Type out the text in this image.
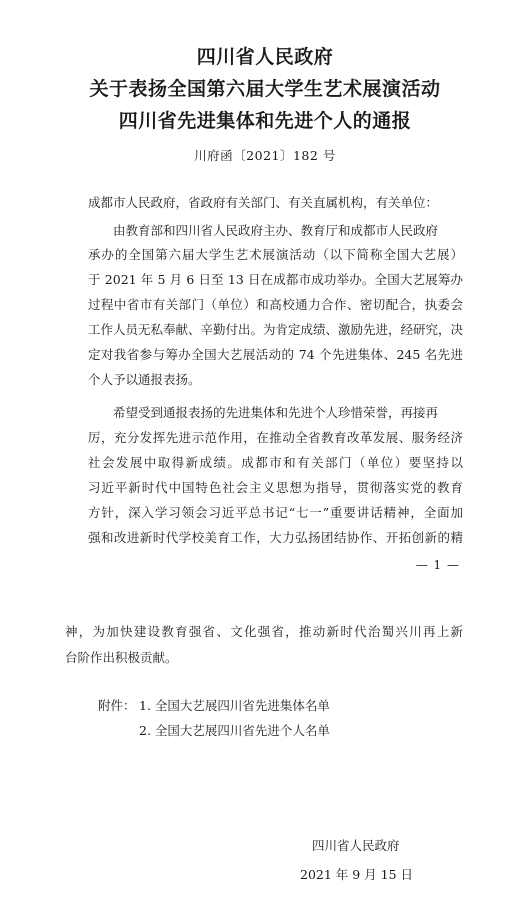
四川省人民政府
关于表扬全国第六届大学生艺术展演活动
四川省先进集体和先进个人的通报
川府函〔2021〕182 号
成都市人民政府，省政府有关部门、有关直属机构，有关单位：
由教育部和四川省人民政府主办、教育厅和成都市人民政府
承办的全国第六届大学生艺术展演活动（以下简称全国大艺展）
于 2021 年 5 月 6 日至 13 日在成都市成功举办。全国大艺展筹办
过程中省市有关部门（单位）和高校通力合作、密切配合，执委会
工作人员无私奉献、辛勤付出。为肯定成绩、激励先进，经研究，决
定对我省参与筹办全国大艺展活动的 74 个先进集体、245 名先进
个人予以通报表扬。
希望受到通报表扬的先进集体和先进个人珍惜荣誉，再接再
厉，充分发挥先进示范作用，在推动全省教育改革发展、服务经济
社会发展中取得新成绩。成都市和有关部门（单位）要坚持以
习近平新时代中国特色社会主义思想为指导，贯彻落实党的教育
方针，深入学习领会习近平总书记“七一”重要讲话精神，全面加
强和改进新时代学校美育工作，大力弘扬团结协作、开拓创新的精
— 1 —
神，为加快建设教育强省、文化强省，推动新时代治蜀兴川再上新
台阶作出积极贡献。
附件： 1. 全国大艺展四川省先进集体名单
2. 全国大艺展四川省先进个人名单
四川省人民政府
2021 年 9 月 15 日
